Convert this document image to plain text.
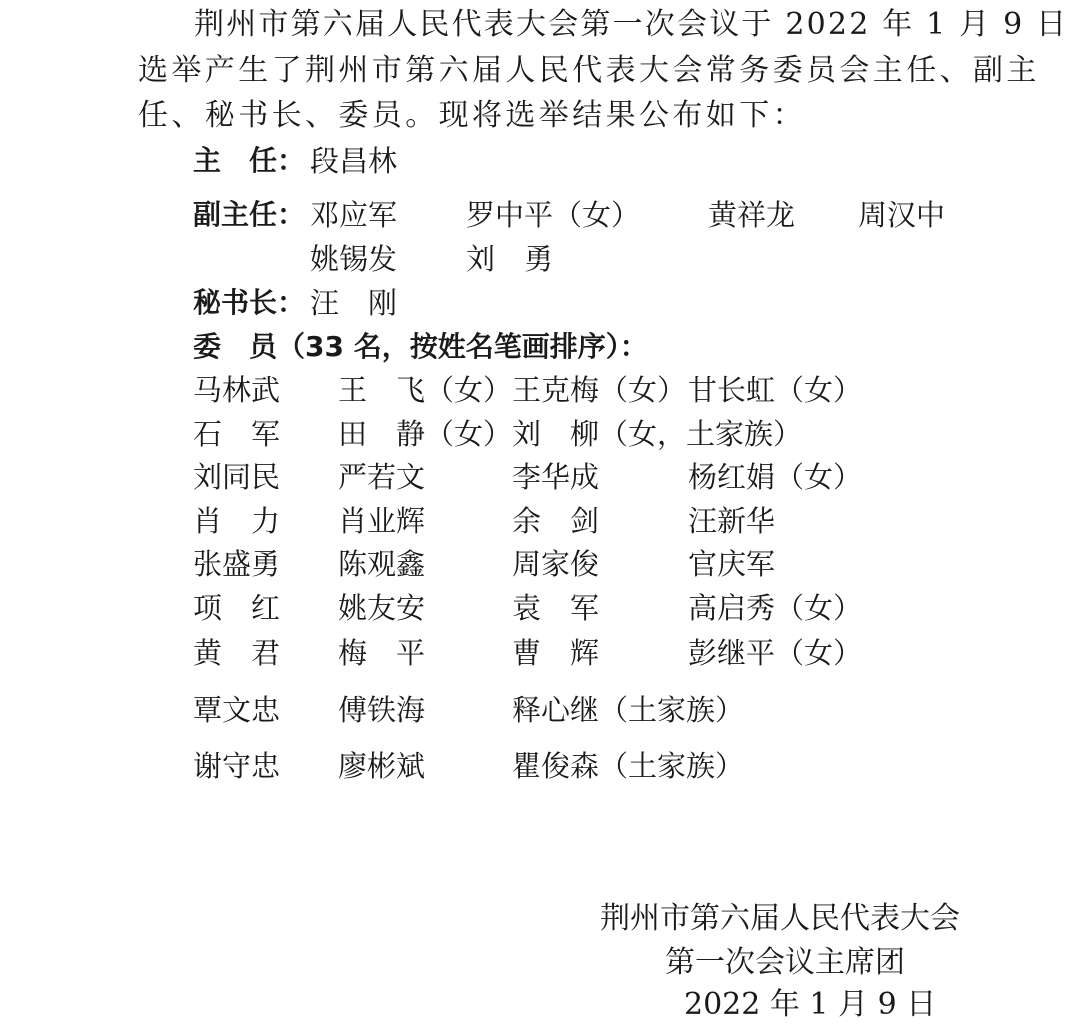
荆州市第六届人民代表大会第一次会议于 2022 年 1 月 9 日
选举产生了荆州市第六届人民代表大会常务委员会主任、副主
任、秘书长、委员。现将选举结果公布如下：
主　任： 段昌林
副主任： 邓应军 罗中平（女） 黄祥龙 周汉中
姚锡发 刘　勇
秘书长： 汪　刚
委　员（33 名，按姓名笔画排序）：
马林武 王　飞（女） 王克梅（女） 甘长虹（女）
石　军 田　静（女） 刘　柳（女，土家族）
刘同民 严若文	李华成	杨红娟（女）
肖　力 肖业辉	余　剑	汪新华
张盛勇 陈观鑫	周家俊	官庆军
项　红 姚友安	袁　军	高启秀（女）
黄　君 梅　平	曹　辉	彭继平（女）
覃文忠 傅铁海	释心继（土家族）
谢守忠 廖彬斌	瞿俊森（土家族）
荆州市第六届人民代表大会
第一次会议主席团
2022 年 1 月 9 日
